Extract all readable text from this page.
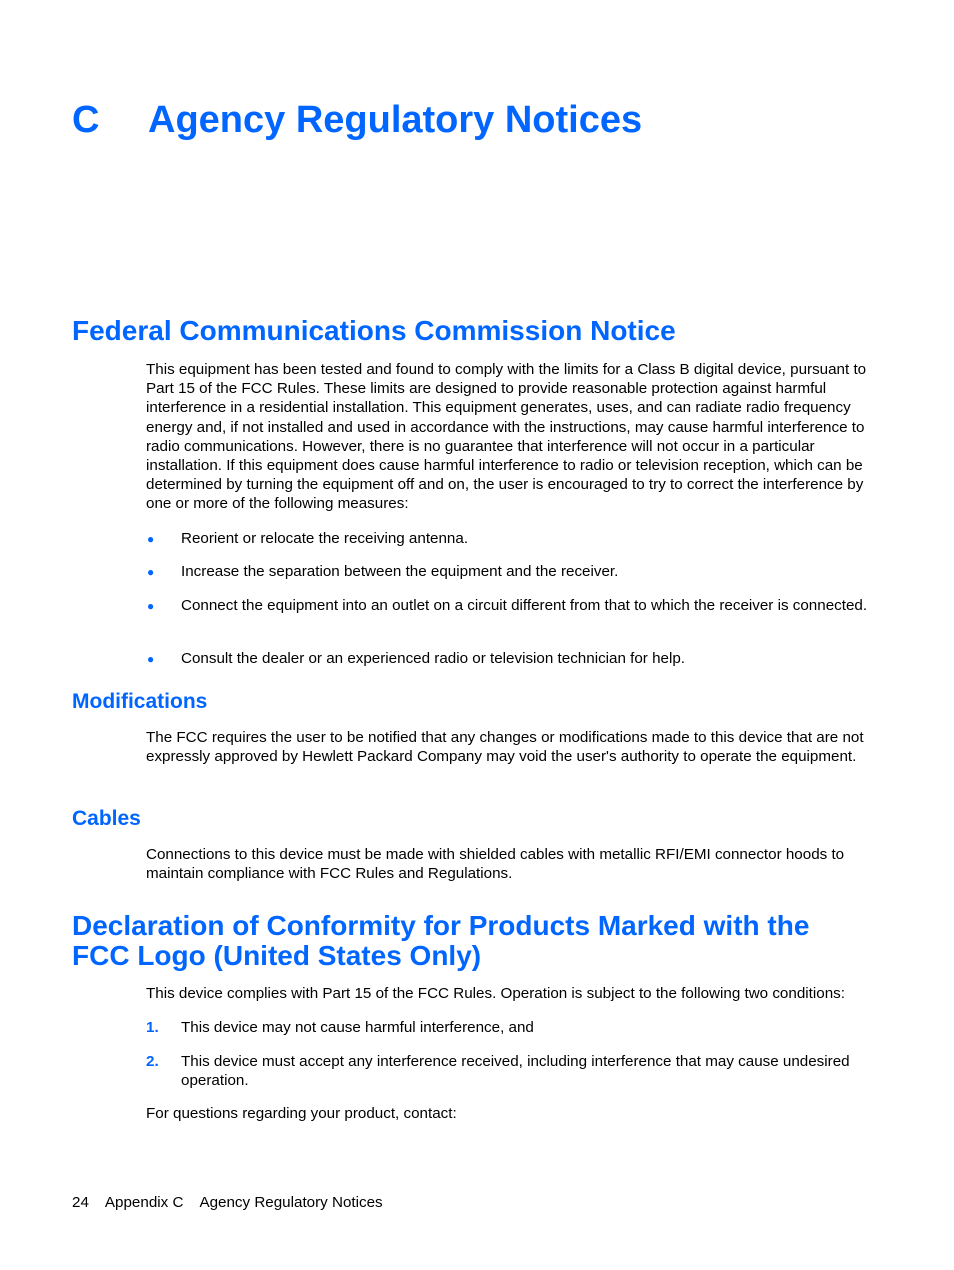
C Agency Regulatory Notices
Federal Communications Commission Notice
This equipment has been tested and found to comply with the limits for a Class B digital device, pursuant to Part 15 of the FCC Rules. These limits are designed to provide reasonable protection against harmful interference in a residential installation. This equipment generates, uses, and can radiate radio frequency energy and, if not installed and used in accordance with the instructions, may cause harmful interference to radio communications. However, there is no guarantee that interference will not occur in a particular installation. If this equipment does cause harmful interference to radio or television reception, which can be determined by turning the equipment off and on, the user is encouraged to try to correct the interference by one or more of the following measures:
●	Reorient or relocate the receiving antenna.
●	Increase the separation between the equipment and the receiver.
●	Connect the equipment into an outlet on a circuit different from that to which the receiver is connected.
●	Consult the dealer or an experienced radio or television technician for help.
Modifications
The FCC requires the user to be notified that any changes or modifications made to this device that are not expressly approved by Hewlett Packard Company may void the user's authority to operate the equipment.
Cables
Connections to this device must be made with shielded cables with metallic RFI/EMI connector hoods to maintain compliance with FCC Rules and Regulations.
Declaration of Conformity for Products Marked with the
FCC Logo (United States Only)
This device complies with Part 15 of the FCC Rules. Operation is subject to the following two conditions:
1.	This device may not cause harmful interference, and
2.	This device must accept any interference received, including interference that may cause undesired operation.
For questions regarding your product, contact:
24 Appendix C Agency Regulatory Notices
